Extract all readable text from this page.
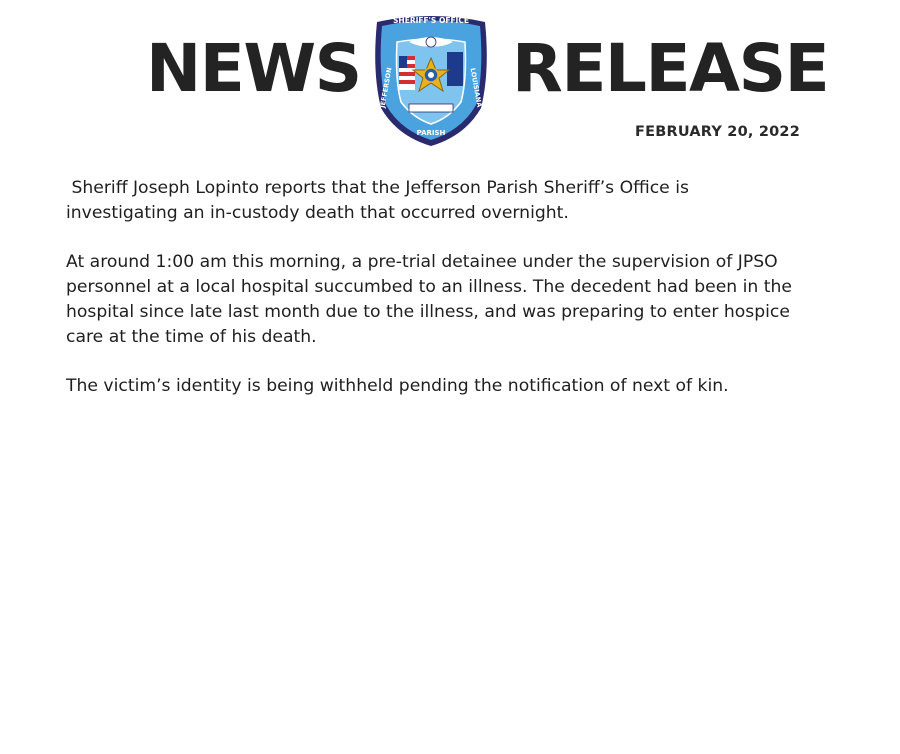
NEWS
SHERIFF'S OFFICE
PARISH
JEFFERSON	LOUISIANA RELEASE
FEBRUARY 20, 2022

Sheriff Joseph Lopinto reports that the Jefferson Parish Sheriff’s Office is investigating an in-custody death that occurred overnight.

At around 1:00 am this morning, a pre-trial detainee under the supervision of JPSO personnel at a local hospital succumbed to an illness. The decedent had been in the hospital since late last month due to the illness, and was preparing to enter hospice care at the time of his death.

The victim’s identity is being withheld pending the notification of next of kin.
